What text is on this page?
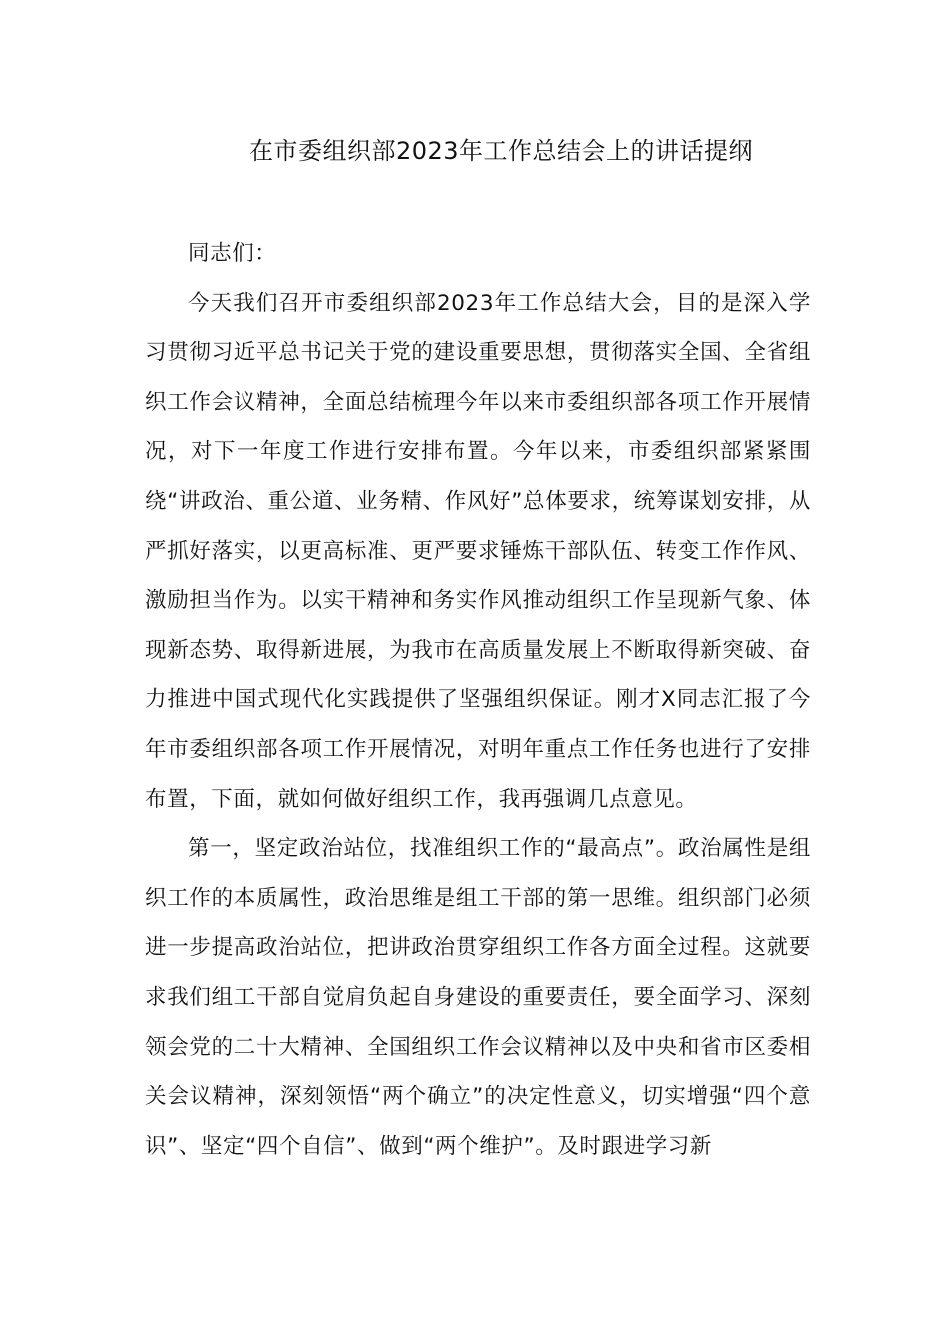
在市委组织部2023年工作总结会上的讲话提纲

同志们：

今天我们召开市委组织部2023年工作总结大会，目的是深入学习贯彻习近平总书记关于党的建设重要思想，贯彻落实全国、全省组织工作会议精神，全面总结梳理今年以来市委组织部各项工作开展情况，对下一年度工作进行安排布置。今年以来，市委组织部紧紧围绕“讲政治、重公道、业务精、作风好”总体要求，统筹谋划安排，从严抓好落实，以更高标准、更严要求锤炼干部队伍、转变工作作风、激励担当作为。以实干精神和务实作风推动组织工作呈现新气象、体现新态势、取得新进展，为我市在高质量发展上不断取得新突破、奋力推进中国式现代化实践提供了坚强组织保证。刚才X同志汇报了今年市委组织部各项工作开展情况，对明年重点工作任务也进行了安排布置，下面，就如何做好组织工作，我再强调几点意见。

第一，坚定政治站位，找准组织工作的“最高点”。政治属性是组织工作的本质属性，政治思维是组工干部的第一思维。组织部门必须进一步提高政治站位，把讲政治贯穿组织工作各方面全过程。这就要求我们组工干部自觉肩负起自身建设的重要责任，要全面学习、深刻领会党的二十大精神、全国组织工作会议精神以及中央和省市区委相关会议精神，深刻领悟“两个确立”的决定性意义，切实增强“四个意识”、坚定“四个自信”、做到“两个维护”。及时跟进学习新
